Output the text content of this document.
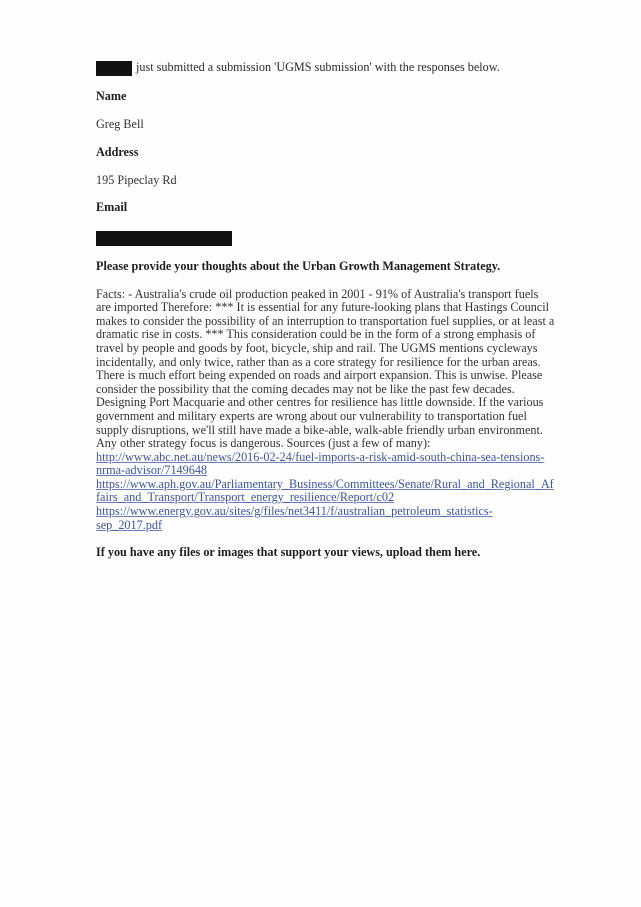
just submitted a submission 'UGMS submission' with the responses below.
Name
Greg Bell
Address
195 Pipeclay Rd
Email
Please provide your thoughts about the Urban Growth Management Strategy.

Facts: - Australia's crude oil production peaked in 2001 - 91% of Australia's transport fuels

are imported Therefore: *** It is essential for any future-looking plans that Hastings Council

makes to consider the possibility of an interruption to transportation fuel supplies, or at least a

dramatic rise in costs. *** This consideration could be in the form of a strong emphasis of

travel by people and goods by foot, bicycle, ship and rail. The UGMS mentions cycleways

incidentally, and only twice, rather than as a core strategy for resilience for the urban areas.

There is much effort being expended on roads and airport expansion. This is unwise. Please

consider the possibility that the coming decades may not be like the past few decades.

Designing Port Macquarie and other centres for resilience has little downside. If the various

government and military experts are wrong about our vulnerability to transportation fuel

supply disruptions, we'll still have made a bike-able, walk-able friendly urban environment.

Any other strategy focus is dangerous. Sources (just a few of many):

http://www.abc.net.au/news/2016-02-24/fuel-imports-a-risk-amid-south-china-sea-tensions-
nrma-advisor/7149648
https://www.aph.gov.au/Parliamentary_Business/Committees/Senate/Rural_and_Regional_Af
fairs_and_Transport/Transport_energy_resilience/Report/c02
https://www.energy.gov.au/sites/g/files/net3411/f/australian_petroleum_statistics-
sep_2017.pdf
If you have any files or images that support your views, upload them here.
